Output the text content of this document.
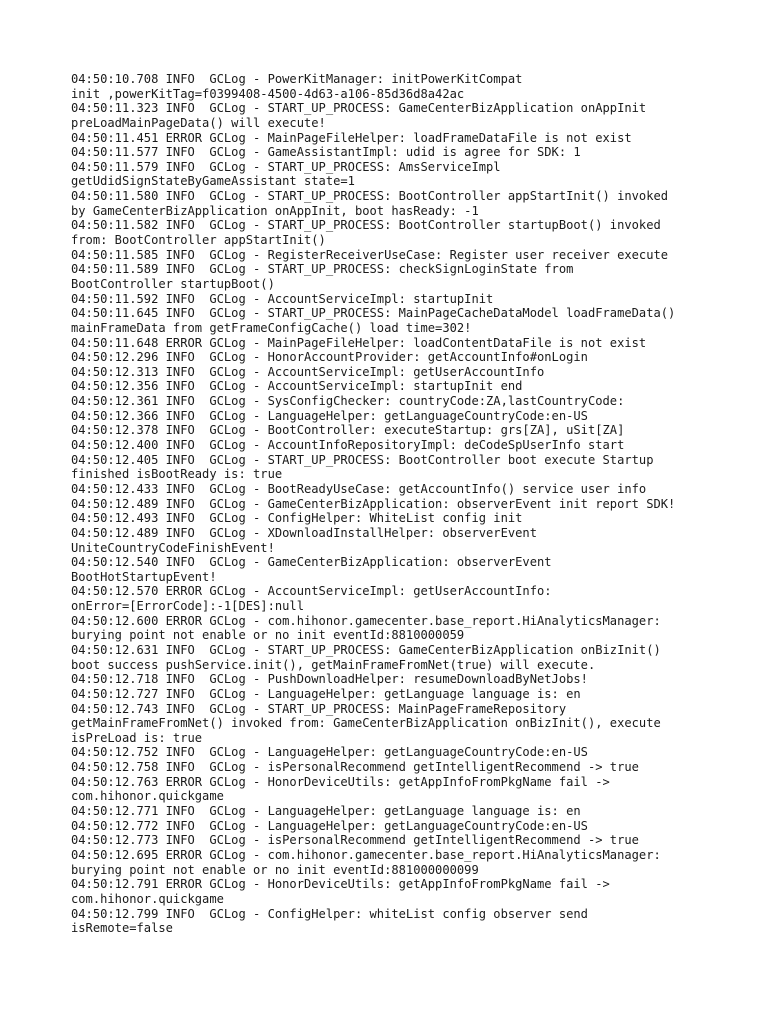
04:50:10.708 INFO  GCLog - PowerKitManager: initPowerKitCompat
init ,powerKitTag=f0399408-4500-4d63-a106-85d36d8a42ac
04:50:11.323 INFO  GCLog - START_UP_PROCESS: GameCenterBizApplication onAppInit
preLoadMainPageData() will execute!
04:50:11.451 ERROR GCLog - MainPageFileHelper: loadFrameDataFile is not exist
04:50:11.577 INFO  GCLog - GameAssistantImpl: udid is agree for SDK: 1
04:50:11.579 INFO  GCLog - START_UP_PROCESS: AmsServiceImpl
getUdidSignStateByGameAssistant state=1
04:50:11.580 INFO  GCLog - START_UP_PROCESS: BootController appStartInit() invoked
by GameCenterBizApplication onAppInit, boot hasReady: -1
04:50:11.582 INFO  GCLog - START_UP_PROCESS: BootController startupBoot() invoked
from: BootController appStartInit()
04:50:11.585 INFO  GCLog - RegisterReceiverUseCase: Register user receiver execute
04:50:11.589 INFO  GCLog - START_UP_PROCESS: checkSignLoginState from
BootController startupBoot()
04:50:11.592 INFO  GCLog - AccountServiceImpl: startupInit
04:50:11.645 INFO  GCLog - START_UP_PROCESS: MainPageCacheDataModel loadFrameData()
mainFrameData from getFrameConfigCache() load time=302!
04:50:11.648 ERROR GCLog - MainPageFileHelper: loadContentDataFile is not exist
04:50:12.296 INFO  GCLog - HonorAccountProvider: getAccountInfo#onLogin
04:50:12.313 INFO  GCLog - AccountServiceImpl: getUserAccountInfo
04:50:12.356 INFO  GCLog - AccountServiceImpl: startupInit end
04:50:12.361 INFO  GCLog - SysConfigChecker: countryCode:ZA,lastCountryCode:
04:50:12.366 INFO  GCLog - LanguageHelper: getLanguageCountryCode:en-US
04:50:12.378 INFO  GCLog - BootController: executeStartup: grs[ZA], uSit[ZA]
04:50:12.400 INFO  GCLog - AccountInfoRepositoryImpl: deCodeSpUserInfo start
04:50:12.405 INFO  GCLog - START_UP_PROCESS: BootController boot execute Startup
finished isBootReady is: true
04:50:12.433 INFO  GCLog - BootReadyUseCase: getAccountInfo() service user info
04:50:12.489 INFO  GCLog - GameCenterBizApplication: observerEvent init report SDK!
04:50:12.493 INFO  GCLog - ConfigHelper: WhiteList config init
04:50:12.489 INFO  GCLog - XDownloadInstallHelper: observerEvent
UniteCountryCodeFinishEvent!
04:50:12.540 INFO  GCLog - GameCenterBizApplication: observerEvent
BootHotStartupEvent!
04:50:12.570 ERROR GCLog - AccountServiceImpl: getUserAccountInfo:
onError=[ErrorCode]:-1[DES]:null
04:50:12.600 ERROR GCLog - com.hihonor.gamecenter.base_report.HiAnalyticsManager:
burying point not enable or no init eventId:8810000059
04:50:12.631 INFO  GCLog - START_UP_PROCESS: GameCenterBizApplication onBizInit()
boot success pushService.init(), getMainFrameFromNet(true) will execute.
04:50:12.718 INFO  GCLog - PushDownloadHelper: resumeDownloadByNetJobs!
04:50:12.727 INFO  GCLog - LanguageHelper: getLanguage language is: en
04:50:12.743 INFO  GCLog - START_UP_PROCESS: MainPageFrameRepository
getMainFrameFromNet() invoked from: GameCenterBizApplication onBizInit(), execute
isPreLoad is: true
04:50:12.752 INFO  GCLog - LanguageHelper: getLanguageCountryCode:en-US
04:50:12.758 INFO  GCLog - isPersonalRecommend getIntelligentRecommend -> true
04:50:12.763 ERROR GCLog - HonorDeviceUtils: getAppInfoFromPkgName fail ->
com.hihonor.quickgame
04:50:12.771 INFO  GCLog - LanguageHelper: getLanguage language is: en
04:50:12.772 INFO  GCLog - LanguageHelper: getLanguageCountryCode:en-US
04:50:12.773 INFO  GCLog - isPersonalRecommend getIntelligentRecommend -> true
04:50:12.695 ERROR GCLog - com.hihonor.gamecenter.base_report.HiAnalyticsManager:
burying point not enable or no init eventId:881000000099
04:50:12.791 ERROR GCLog - HonorDeviceUtils: getAppInfoFromPkgName fail ->
com.hihonor.quickgame
04:50:12.799 INFO  GCLog - ConfigHelper: whiteList config observer send
isRemote=false
